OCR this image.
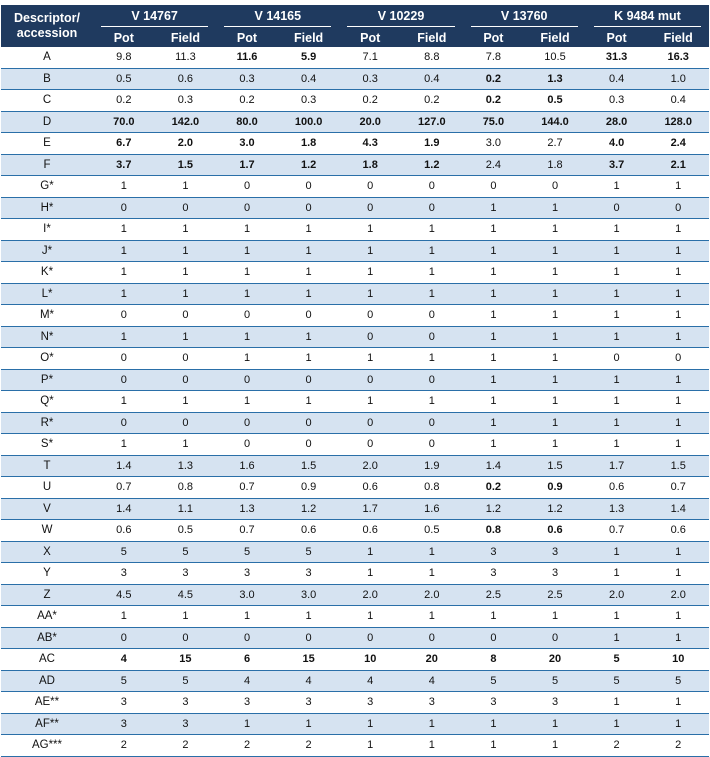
Descriptor/
accession	V 14767		V 14165		V 10229		V 13760		K 9484 mut	

	Pot	Field	Pot	Field	Pot	Field	Pot	Field	Pot	Field
A	9.8	11.3	11.6	5.9	7.1	8.8	7.8	10.5	31.3	16.3
B	0.5	0.6	0.3	0.4	0.3	0.4	0.2	1.3	0.4	1.0
C	0.2	0.3	0.2	0.3	0.2	0.2	0.2	0.5	0.3	0.4
D	70.0	142.0	80.0	100.0	20.0	127.0	75.0	144.0	28.0	128.0
E	6.7	2.0	3.0	1.8	4.3	1.9	3.0	2.7	4.0	2.4
F	3.7	1.5	1.7	1.2	1.8	1.2	2.4	1.8	3.7	2.1
G*	1	1	0	0	0	0	0	0	1	1
H*	0	0	0	0	0	0	1	1	0	0
I*	1	1	1	1	1	1	1	1	1	1
J*	1	1	1	1	1	1	1	1	1	1
K*	1	1	1	1	1	1	1	1	1	1
L*	1	1	1	1	1	1	1	1	1	1
M*	0	0	0	0	0	0	1	1	1	1
N*	1	1	1	1	0	0	1	1	1	1
O*	0	0	1	1	1	1	1	1	0	0
P*	0	0	0	0	0	0	1	1	1	1
Q*	1	1	1	1	1	1	1	1	1	1
R*	0	0	0	0	0	0	1	1	1	1
S*	1	1	0	0	0	0	1	1	1	1
T	1.4	1.3	1.6	1.5	2.0	1.9	1.4	1.5	1.7	1.5
U	0.7	0.8	0.7	0.9	0.6	0.8	0.2	0.9	0.6	0.7
V	1.4	1.1	1.3	1.2	1.7	1.6	1.2	1.2	1.3	1.4
W	0.6	0.5	0.7	0.6	0.6	0.5	0.8	0.6	0.7	0.6
X	5	5	5	5	1	1	3	3	1	1
Y	3	3	3	3	1	1	3	3	1	1
Z	4.5	4.5	3.0	3.0	2.0	2.0	2.5	2.5	2.0	2.0
AA*	1	1	1	1	1	1	1	1	1	1
AB*	0	0	0	0	0	0	0	0	1	1
AC	4	15	6	15	10	20	8	20	5	10
AD	5	5	4	4	4	4	5	5	5	5
AE**	3	3	3	3	3	3	3	3	1	1
AF**	3	3	1	1	1	1	1	1	1	1
AG***	2	2	2	2	1	1	1	1	2	2
